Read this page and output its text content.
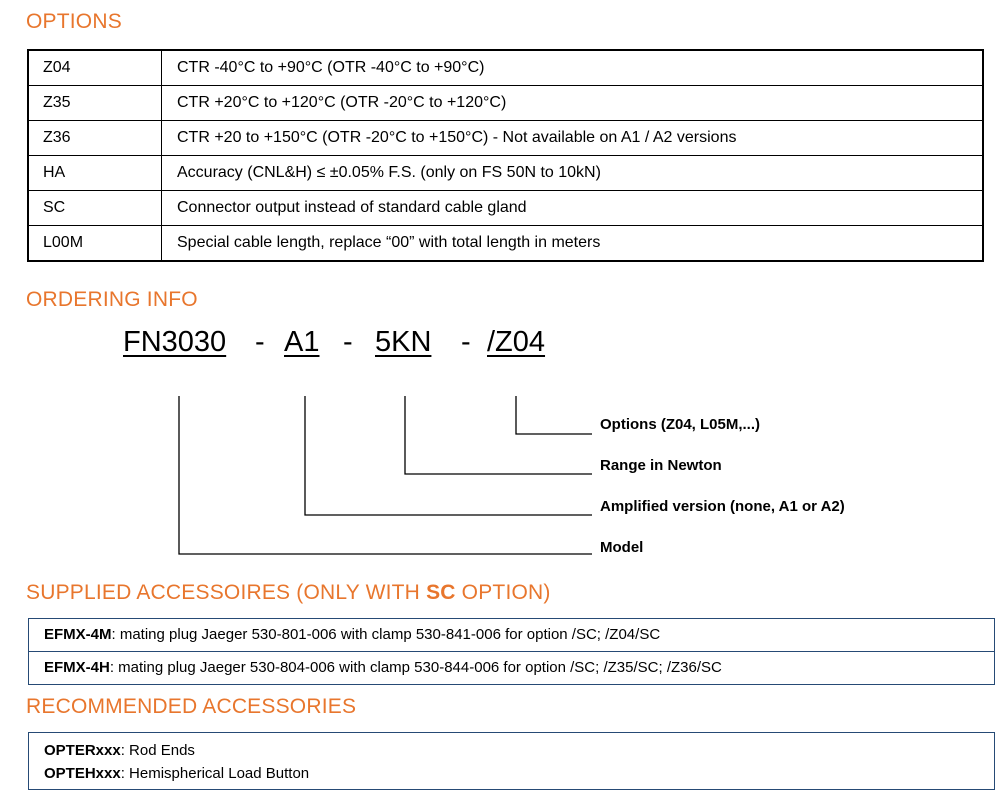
OPTIONS
Z04	CTR -40°C to +90°C (OTR -40°C to +90°C)
Z35	CTR +20°C to +120°C (OTR -20°C to +120°C)
Z36	CTR +20 to +150°C (OTR -20°C to +150°C) - Not available on A1 / A2 versions
HA	Accuracy (CNL&H) ≤ ±0.05% F.S. (only on FS 50N to 10kN)
SC	Connector output instead of standard cable gland
L00M	Special cable length, replace “00” with total length in meters
ORDERING INFO
FN3030 - A1 - 5KN - /Z04
Options (Z04, L05M,...)
Range in Newton
Amplified version (none, A1 or A2)
Model
SUPPLIED ACCESSOIRES (ONLY WITH SC OPTION)
EFMX-4M: mating plug Jaeger 530-801-006 with clamp 530-841-006 for option /SC; /Z04/SC
EFMX-4H: mating plug Jaeger 530-804-006 with clamp 530-844-006 for option /SC; /Z35/SC; /Z36/SC
RECOMMENDED ACCESSORIES
OPTERxxx: Rod Ends
OPTEHxxx: Hemispherical Load Button
